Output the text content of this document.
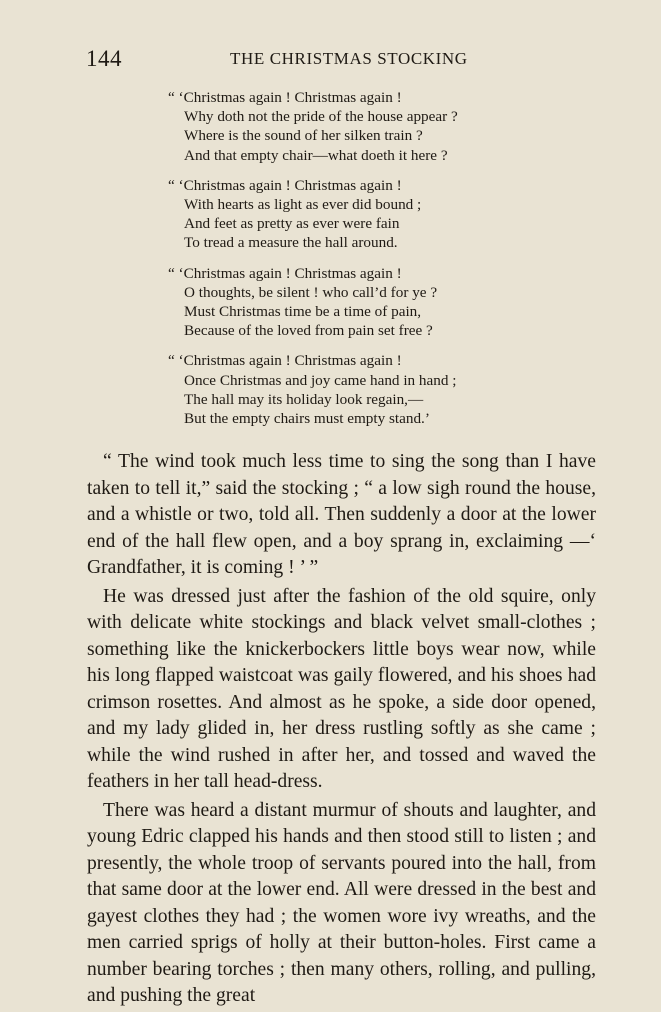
144	THE CHRISTMAS STOCKING
“ ‘Christmas again ! Christmas again !
Why doth not the pride of the house appear ?
Where is the sound of her silken train ?
And that empty chair—what doeth it here ?
“ ‘Christmas again ! Christmas again !
With hearts as light as ever did bound ;
And feet as pretty as ever were fain
To tread a measure the hall around.
“ ‘Christmas again ! Christmas again !
O thoughts, be silent ! who call’d for ye ?
Must Christmas time be a time of pain,
Because of the loved from pain set free ?
“ ‘Christmas again ! Christmas again !
Once Christmas and joy came hand in hand ;
The hall may its holiday look regain,—
But the empty chairs must empty stand.’

“ The wind took much less time to sing the song than I have taken to tell it,” said the stocking ; “ a low sigh round the house, and a whistle or two, told all. Then suddenly a door at the lower end of the hall flew open, and a boy sprang in, exclaiming —‘ Grandfather, it is coming ! ’ ”

He was dressed just after the fashion of the old squire, only with delicate white stockings and black velvet small-clothes ; something like the knickerbockers little boys wear now, while his long flapped waistcoat was gaily flowered, and his shoes had crimson rosettes. And almost as he spoke, a side door opened, and my lady glided in, her dress rustling softly as she came ; while the wind rushed in after her, and tossed and waved the feathers in her tall head-dress.

There was heard a distant murmur of shouts and laughter, and young Edric clapped his hands and then stood still to listen ; and presently, the whole troop of servants poured into the hall, from that same door at the lower end. All were dressed in the best and gayest clothes they had ; the women wore ivy wreaths, and the men carried sprigs of holly at their button-holes. First came a number bearing torches ; then many others, rolling, and pulling, and pushing the great
